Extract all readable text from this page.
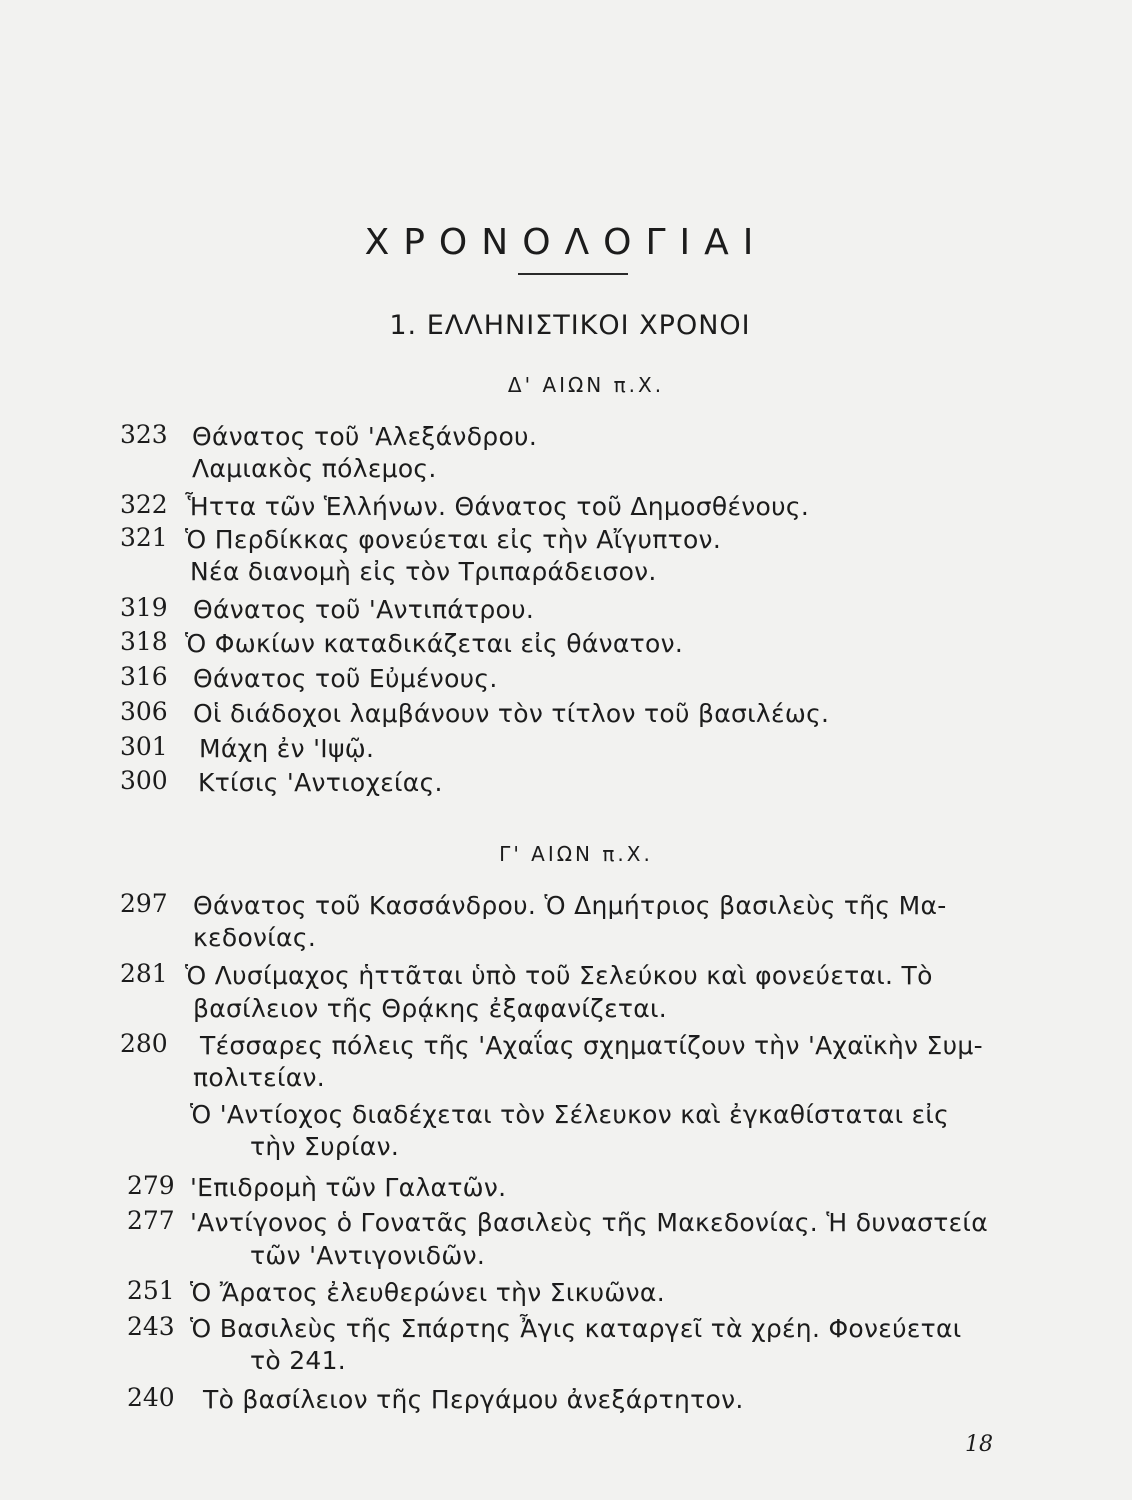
ΧΡΟΝΟΛΟΓΙΑΙ
1. ΕΛΛΗΝΙΣΤΙΚΟΙ ΧΡΟΝΟΙ
Δ' ΑΙΩΝ π.Χ.
323 Θάνατος τοῦ 'Αλεξάνδρου.
Λαμιακὸς πόλεμος.
322 Ἧττα τῶν Ἑλλήνων. Θάνατος τοῦ Δημοσθένους.
321 Ὁ Περδίκκας φονεύεται εἰς τὴν Αἴγυπτον.
Νέα διανομὴ εἰς τὸν Τριπαράδεισον.
319 Θάνατος τοῦ 'Αντιπάτρου.
318 Ὁ Φωκίων καταδικάζεται εἰς θάνατον.
316 Θάνατος τοῦ Εὐμένους.
306 Οἱ διάδοχοι λαμβάνουν τὸν τίτλον τοῦ βασιλέως.
301 Μάχη ἐν 'Ιψῷ.
300 Κτίσις 'Αντιοχείας.
Γ' ΑΙΩΝ π.Χ.
297 Θάνατος τοῦ Κασσάνδρου. Ὁ Δημήτριος βασιλεὺς τῆς Μα-
κεδονίας.
281 Ὁ Λυσίμαχος ἡττᾶται ὑπὸ τοῦ Σελεύκου καὶ φονεύεται. Τὸ
βασίλειον τῆς Θρᾴκης ἐξαφανίζεται.
280 Τέσσαρες πόλεις τῆς 'Αχαΐας σχηματίζουν τὴν 'Αχαϊκὴν Συμ-
πολιτείαν.
Ὁ 'Αντίοχος διαδέχεται τὸν Σέλευκον καὶ ἐγκαθίσταται εἰς
τὴν Συρίαν.
279 'Επιδρομὴ τῶν Γαλατῶν.
277 'Αντίγονος ὁ Γονατᾶς βασιλεὺς τῆς Μακεδονίας. Ἡ δυναστεία
τῶν 'Αντιγονιδῶν.
251 Ὁ Ἄρατος ἐλευθερώνει τὴν Σικυῶνα.
243 Ὁ Βασιλεὺς τῆς Σπάρτης Ἆγις καταργεῖ τὰ χρέη. Φονεύεται
τὸ 241.
240 Τὸ βασίλειον τῆς Περγάμου ἀνεξάρτητον.
18
